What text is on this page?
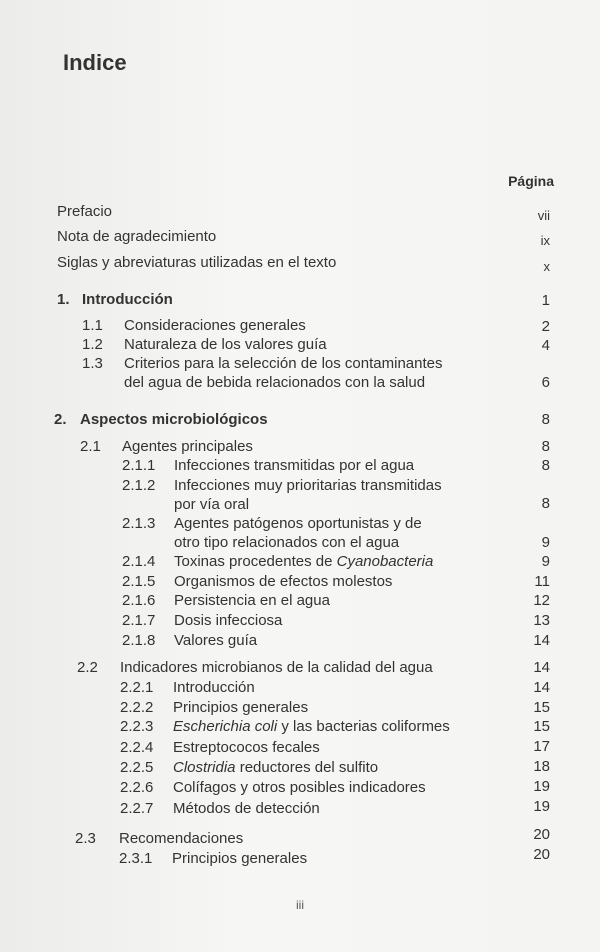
Indice
Página
Prefacio	vii
Nota de agradecimiento	ix
Siglas y abreviaturas utilizadas en el texto	x
1. Introducción	1
1.1 Consideraciones generales	2
1.2 Naturaleza de los valores guía	4
1.3 Criterios para la selección de los contaminantes
del agua de bebida relacionados con la salud	6
2. Aspectos microbiológicos	8
2.1 Agentes principales	8
2.1.1 Infecciones transmitidas por el agua	8
2.1.2 Infecciones muy prioritarias transmitidas
por vía oral	8
2.1.3 Agentes patógenos oportunistas y de
otro tipo relacionados con el agua	9
2.1.4 Toxinas procedentes de Cyanobacteria	9
2.1.5 Organismos de efectos molestos	11
2.1.6 Persistencia en el agua	12
2.1.7 Dosis infecciosa	13
2.1.8 Valores guía	14
2.2 Indicadores microbianos de la calidad del agua	14
2.2.1 Introducción	14
2.2.2 Principios generales	15
2.2.3 Escherichia coli y las bacterias coliformes	15
2.2.4 Estreptococos fecales	17
2.2.5 Clostridia reductores del sulfito	18
2.2.6 Colífagos y otros posibles indicadores	19
2.2.7 Métodos de detección	19
2.3 Recomendaciones	20
2.3.1 Principios generales	20
iii
